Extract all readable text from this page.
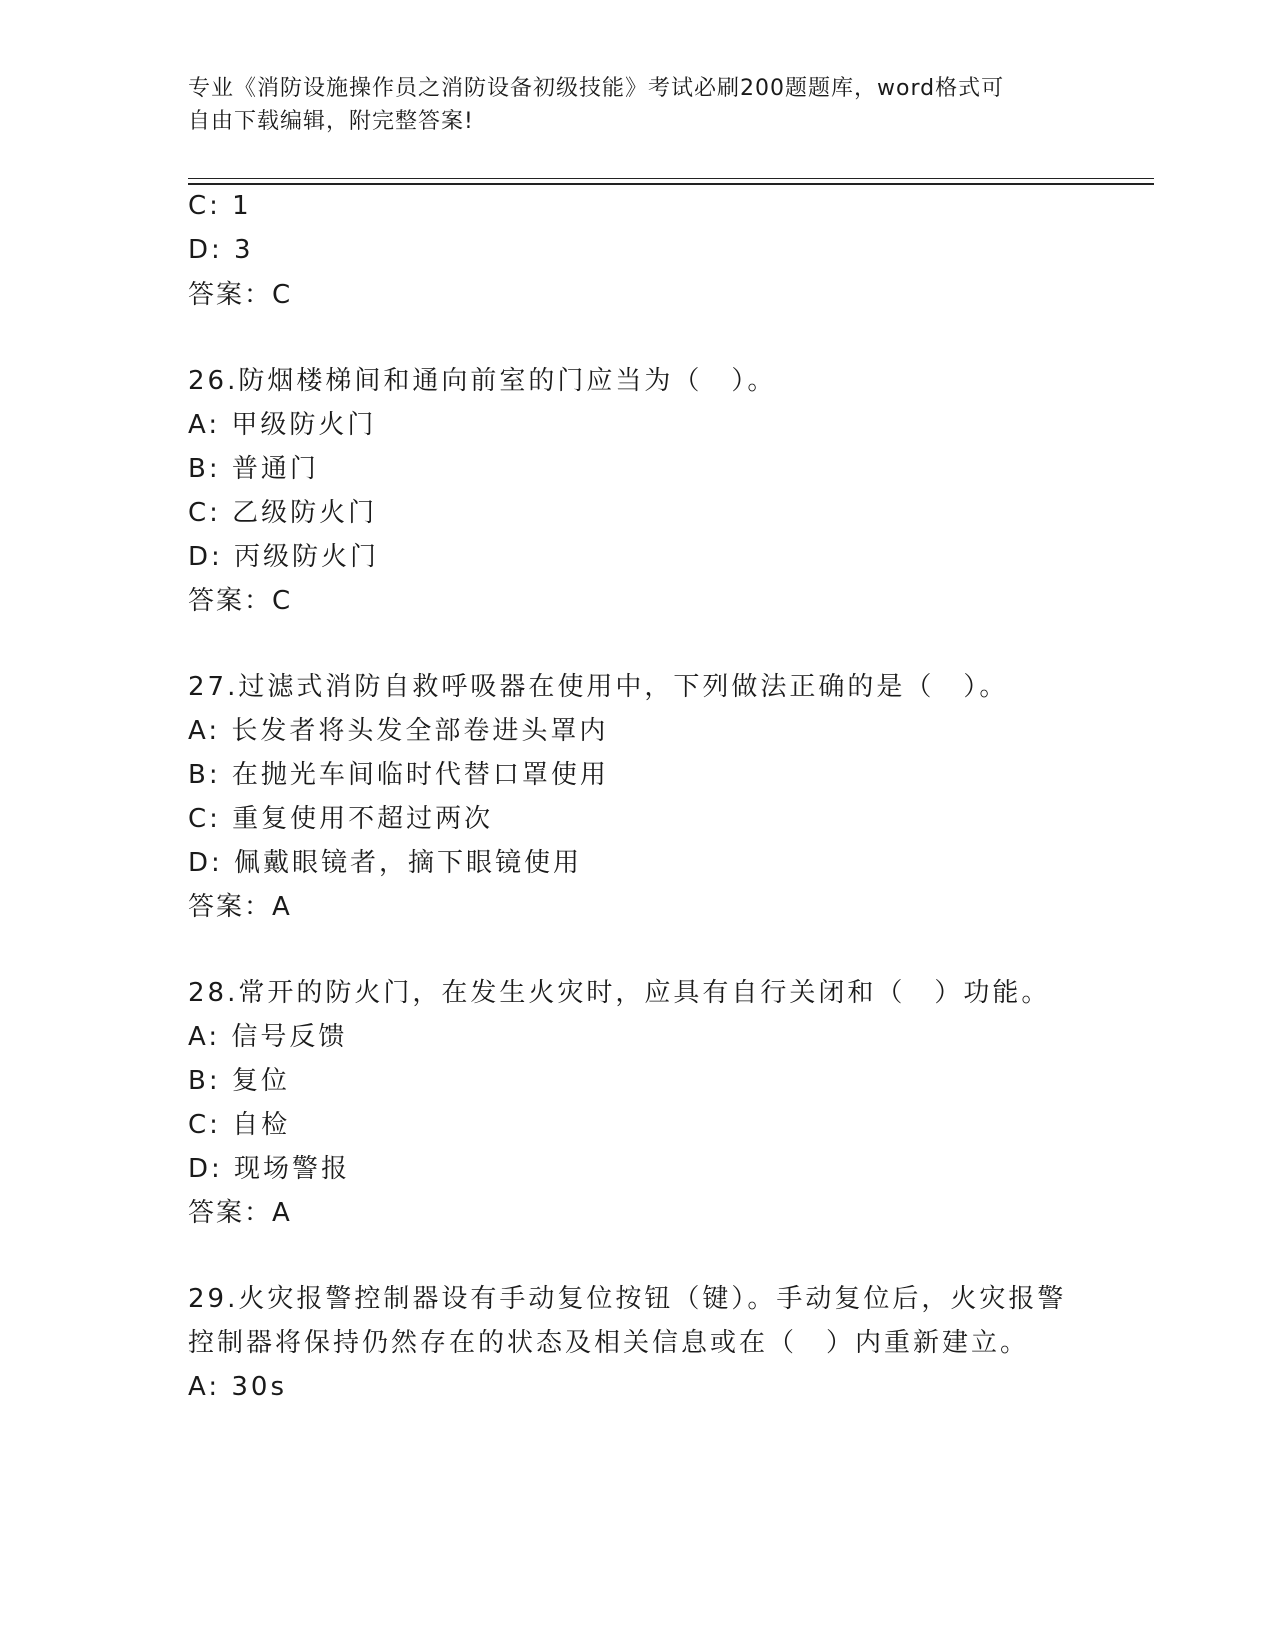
专业《消防设施操作员之消防设备初级技能》考试必刷200题题库，word格式可
自由下载编辑，附完整答案!
C: 1
D: 3
答案：C
26.防烟楼梯间和通向前室的门应当为（　）。
A: 甲级防火门
B: 普通门
C: 乙级防火门
D: 丙级防火门
答案：C
27.过滤式消防自救呼吸器在使用中，下列做法正确的是（　）。
A: 长发者将头发全部卷进头罩内
B: 在抛光车间临时代替口罩使用
C: 重复使用不超过两次
D: 佩戴眼镜者，摘下眼镜使用
答案：A
28.常开的防火门，在发生火灾时，应具有自行关闭和（　）功能。
A: 信号反馈
B: 复位
C: 自检
D: 现场警报
答案：A
29.火灾报警控制器设有手动复位按钮（键）。手动复位后，火灾报警
控制器将保持仍然存在的状态及相关信息或在（　）内重新建立。
A: 30s
